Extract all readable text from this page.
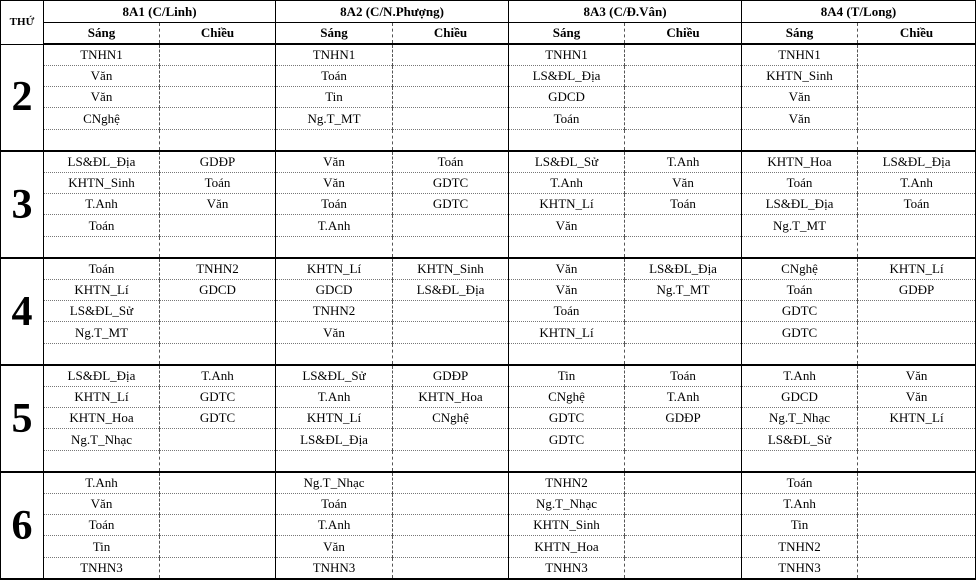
THỨ	8A1 (C/Linh)		8A2 (C/N.Phượng)		8A3 (C/Đ.Vân)		8A4 (T/Long)	
	Sáng	Chiều	Sáng	Chiều	Sáng	Chiều	Sáng	Chiều
2	TNHN1		TNHN1		TNHN1		TNHN1	
	Văn		Toán		LS&ĐL_Địa		KHTN_Sinh	
	Văn		Tin		GDCD		Văn	
	CNghệ		Ng.T_MT		Toán		Văn	

3	LS&ĐL_Địa	GDĐP	Văn	Toán	LS&ĐL_Sử	T.Anh	KHTN_Hoa	LS&ĐL_Địa
	KHTN_Sinh	Toán	Văn	GDTC	T.Anh	Văn	Toán	T.Anh
	T.Anh	Văn	Toán	GDTC	KHTN_Lí	Toán	LS&ĐL_Địa	Toán
	Toán		T.Anh		Văn		Ng.T_MT	

4	Toán	TNHN2	KHTN_Lí	KHTN_Sinh	Văn	LS&ĐL_Địa	CNghệ	KHTN_Lí
	KHTN_Lí	GDCD	GDCD	LS&ĐL_Địa	Văn	Ng.T_MT	Toán	GDĐP
	LS&ĐL_Sử		TNHN2		Toán		GDTC	
	Ng.T_MT		Văn		KHTN_Lí		GDTC	

5	LS&ĐL_Địa	T.Anh	LS&ĐL_Sử	GDĐP	Tin	Toán	T.Anh	Văn
	KHTN_Lí	GDTC	T.Anh	KHTN_Hoa	CNghệ	T.Anh	GDCD	Văn
	KHTN_Hoa	GDTC	KHTN_Lí	CNghệ	GDTC	GDĐP	Ng.T_Nhạc	KHTN_Lí
	Ng.T_Nhạc		LS&ĐL_Địa		GDTC		LS&ĐL_Sử	

6	T.Anh		Ng.T_Nhạc		TNHN2		Toán	
	Văn		Toán		Ng.T_Nhạc		T.Anh	
	Toán		T.Anh		KHTN_Sinh		Tin	
	Tin		Văn		KHTN_Hoa		TNHN2	
	TNHN3		TNHN3		TNHN3		TNHN3	
